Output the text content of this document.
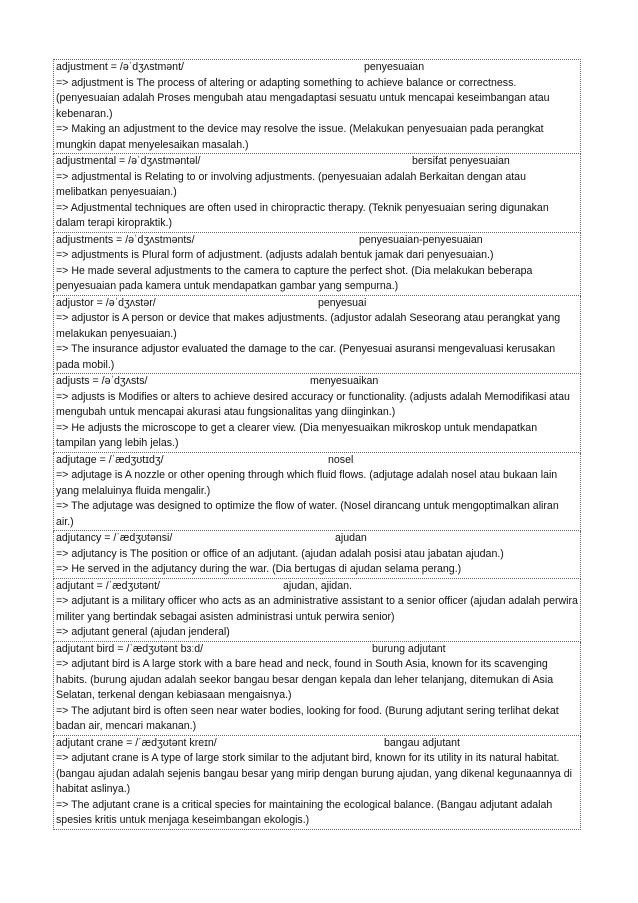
adjustment = /əˈdʒʌstmənt/	penyesuaian
=> adjustment is The process of altering or adapting something to achieve balance or correctness. (penyesuaian adalah Proses mengubah atau mengadaptasi sesuatu untuk mencapai keseimbangan atau kebenaran.)
=> Making an adjustment to the device may resolve the issue. (Melakukan penyesuaian pada perangkat mungkin dapat menyelesaikan masalah.)
adjustmental = /əˈdʒʌstməntəl/	bersifat penyesuaian
=> adjustmental is Relating to or involving adjustments. (penyesuaian adalah Berkaitan dengan atau melibatkan penyesuaian.)
=> Adjustmental techniques are often used in chiropractic therapy. (Teknik penyesuaian sering digunakan dalam terapi kiropraktik.)
adjustments = /əˈdʒʌstmənts/	penyesuaian-penyesuaian
=> adjustments is Plural form of adjustment. (adjusts adalah bentuk jamak dari penyesuaian.)
=> He made several adjustments to the camera to capture the perfect shot. (Dia melakukan beberapa penyesuaian pada kamera untuk mendapatkan gambar yang sempurna.)
adjustor = /əˈdʒʌstər/	penyesuai
=> adjustor is A person or device that makes adjustments. (adjustor adalah Seseorang atau perangkat yang melakukan penyesuaian.)
=> The insurance adjustor evaluated the damage to the car. (Penyesuai asuransi mengevaluasi kerusakan pada mobil.)
adjusts = /əˈdʒʌsts/	menyesuaikan
=> adjusts is Modifies or alters to achieve desired accuracy or functionality. (adjusts adalah Memodifikasi atau mengubah untuk mencapai akurasi atau fungsionalitas yang diinginkan.)
=> He adjusts the microscope to get a clearer view. (Dia menyesuaikan mikroskop untuk mendapatkan tampilan yang lebih jelas.)
adjutage = /ˈædʒʊtɪdʒ/	nosel
=> adjutage is A nozzle or other opening through which fluid flows. (adjutage adalah nosel atau bukaan lain yang melaluinya fluida mengalir.)
=> The adjutage was designed to optimize the flow of water. (Nosel dirancang untuk mengoptimalkan aliran air.)
adjutancy = /ˈædʒʊtənsi/	ajudan
=> adjutancy is The position or office of an adjutant. (ajudan adalah posisi atau jabatan ajudan.)
=> He served in the adjutancy during the war. (Dia bertugas di ajudan selama perang.)
adjutant = /ˈædʒʊtənt/	ajudan, ajidan.
=> adjutant is a military officer who acts as an administrative assistant to a senior officer (ajudan adalah perwira militer yang bertindak sebagai asisten administrasi untuk perwira senior)
=> adjutant general (ajudan jenderal)
adjutant bird = /ˈædʒʊtənt bɜːd/	burung adjutant
=> adjutant bird is A large stork with a bare head and neck, found in South Asia, known for its scavenging habits. (burung ajudan adalah seekor bangau besar dengan kepala dan leher telanjang, ditemukan di Asia Selatan, terkenal dengan kebiasaan mengaisnya.)
=> The adjutant bird is often seen near water bodies, looking for food. (Burung adjutant sering terlihat dekat badan air, mencari makanan.)
adjutant crane = /ˈædʒʊtənt kreɪn/	bangau adjutant
=> adjutant crane is A type of large stork similar to the adjutant bird, known for its utility in its natural habitat. (bangau ajudan adalah sejenis bangau besar yang mirip dengan burung ajudan, yang dikenal kegunaannya di habitat aslinya.)
=> The adjutant crane is a critical species for maintaining the ecological balance. (Bangau adjutant adalah spesies kritis untuk menjaga keseimbangan ekologis.)
